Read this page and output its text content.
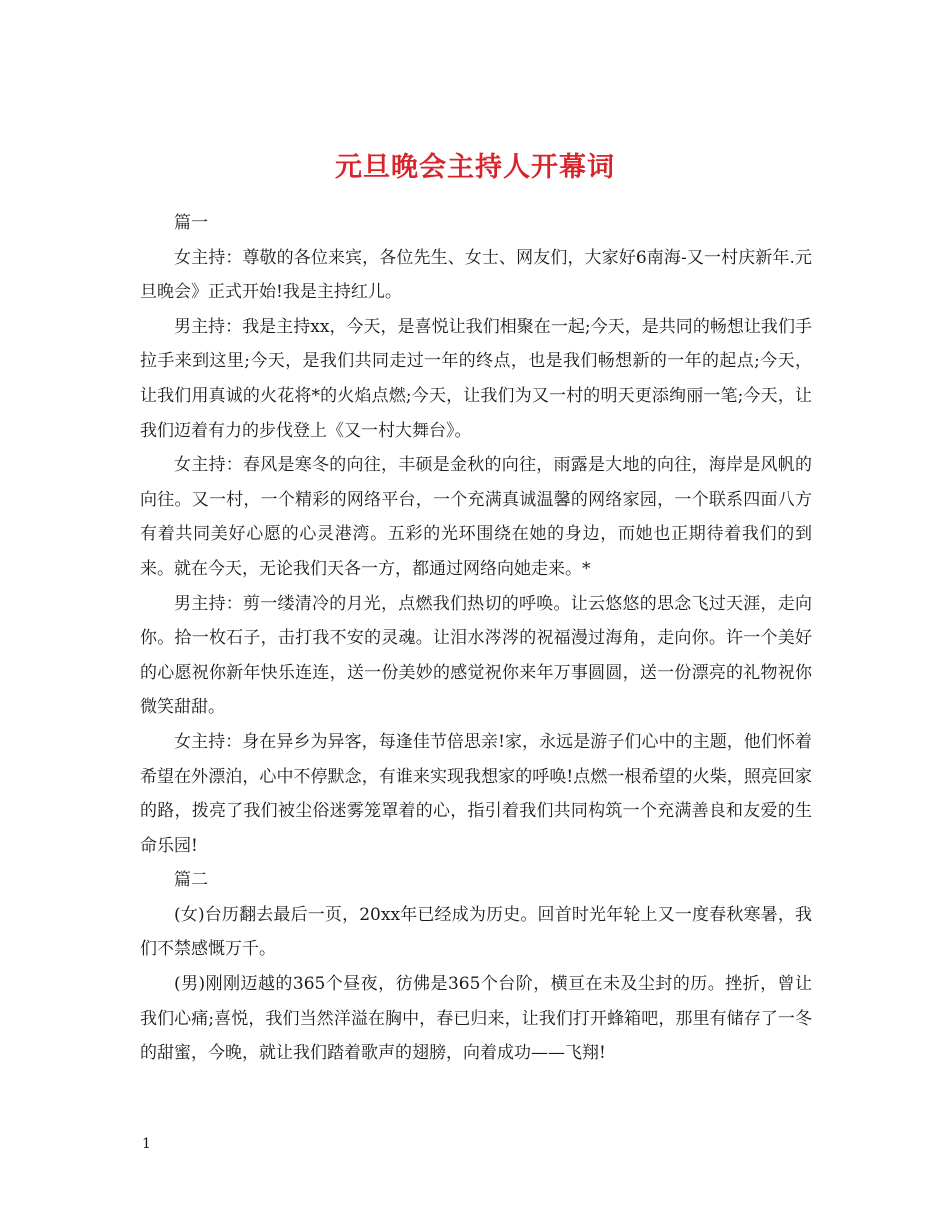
元旦晚会主持人开幕词

篇一

女主持：尊敬的各位来宾，各位先生、女士、网友们，大家好6南海-又一村庆新年.元旦晚会》正式开始!我是主持红儿。

男主持：我是主持xx，今天，是喜悦让我们相聚在一起;今天，是共同的畅想让我们手拉手来到这里;今天，是我们共同走过一年的终点，也是我们畅想新的一年的起点;今天，让我们用真诚的火花将*的火焰点燃;今天，让我们为又一村的明天更添绚丽一笔;今天，让我们迈着有力的步伐登上《又一村大舞台》。

女主持：春风是寒冬的向往，丰硕是金秋的向往，雨露是大地的向往，海岸是风帆的向往。又一村，一个精彩的网络平台，一个充满真诚温馨的网络家园，一个联系四面八方有着共同美好心愿的心灵港湾。五彩的光环围绕在她的身边，而她也正期待着我们的到来。就在今天，无论我们天各一方，都通过网络向她走来。*

男主持：剪一缕清冷的月光，点燃我们热切的呼唤。让云悠悠的思念飞过天涯，走向你。拾一枚石子，击打我不安的灵魂。让泪水涔涔的祝福漫过海角，走向你。许一个美好的心愿祝你新年快乐连连，送一份美妙的感觉祝你来年万事圆圆，送一份漂亮的礼物祝你微笑甜甜。

女主持：身在异乡为异客，每逢佳节倍思亲!家，永远是游子们心中的主题，他们怀着希望在外漂泊，心中不停默念，有谁来实现我想家的呼唤!点燃一根希望的火柴，照亮回家的路，拨亮了我们被尘俗迷雾笼罩着的心，指引着我们共同构筑一个充满善良和友爱的生命乐园!

篇二

(女)台历翻去最后一页，20xx年已经成为历史。回首时光年轮上又一度春秋寒暑，我们不禁感慨万千。

(男)刚刚迈越的365个昼夜，彷佛是365个台阶，横亘在未及尘封的历。挫折，曾让我们心痛;喜悦，我们当然洋溢在胸中，春已归来，让我们打开蜂箱吧，那里有储存了一冬的甜蜜，今晚，就让我们踏着歌声的翅膀，向着成功——飞翔!

1
